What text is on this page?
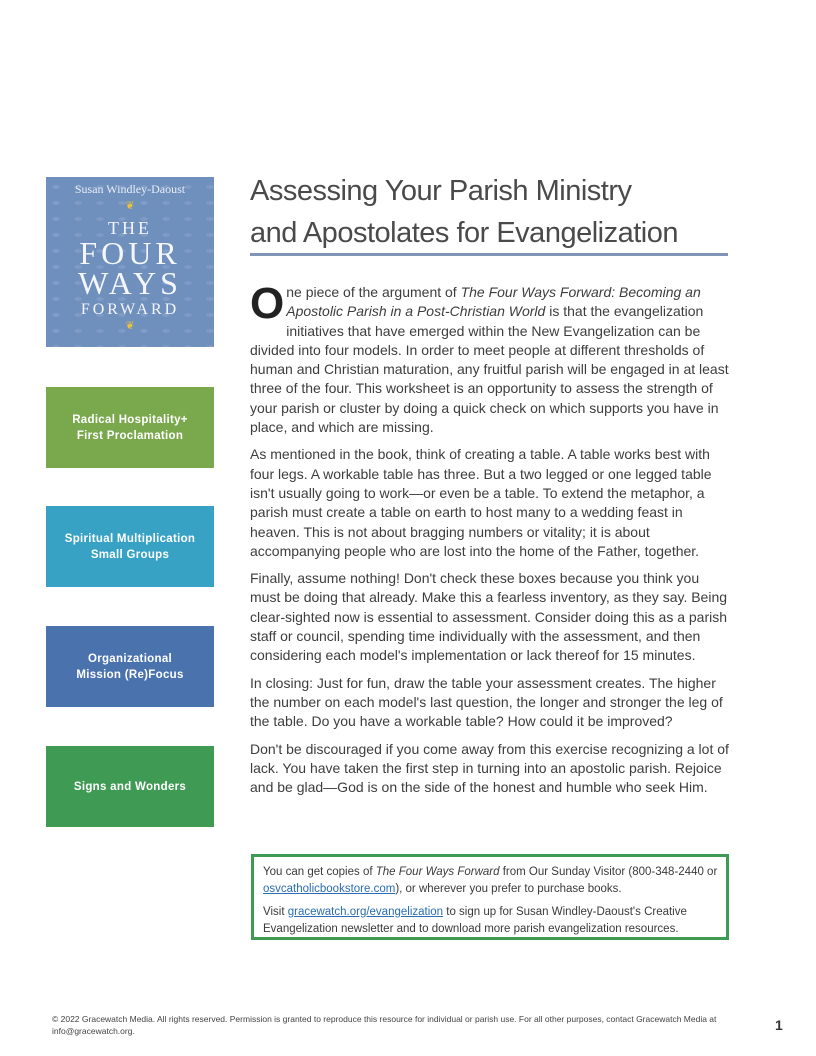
Susan Windley-Daoust
❦
THE
FOUR
WAYS
FORWARD
❦
Radical Hospitality+ First Proclamation
Spiritual Multiplication Small Groups
Organizational Mission (Re)Focus
Signs and Wonders
Assessing Your Parish Ministry
and Apostolates for Evangelization

One piece of the argument of The Four Ways Forward: Becoming an Apostolic Parish in a Post-Christian World is that the evangelization initiatives that have emerged within the New Evangelization can be divided into four models. In order to meet people at different thresholds of human and Christian maturation, any fruitful parish will be engaged in at least three of the four. This worksheet is an opportunity to assess the strength of your parish or cluster by doing a quick check on which supports you have in place, and which are missing.

As mentioned in the book, think of creating a table. A table works best with four legs. A workable table has three. But a two legged or one legged table isn't usually going to work—or even be a table. To extend the metaphor, a parish must create a table on earth to host many to a wedding feast in heaven. This is not about bragging numbers or vitality; it is about accompanying people who are lost into the home of the Father, together.

Finally, assume nothing! Don't check these boxes because you think you must be doing that already. Make this a fearless inventory, as they say. Being clear-sighted now is essential to assessment. Consider doing this as a parish staff or council, spending time individually with the assessment, and then considering each model's implementation or lack thereof for 15 minutes.

In closing: Just for fun, draw the table your assessment creates. The higher the number on each model's last question, the longer and stronger the leg of the table. Do you have a workable table? How could it be improved?

Don't be discouraged if you come away from this exercise recognizing a lot of lack. You have taken the first step in turning into an apostolic parish. Rejoice and be glad—God is on the side of the honest and humble who seek Him.

You can get copies of The Four Ways Forward from Our Sunday Visitor (800-348-2440 or osvcatholicbookstore.com), or wherever you prefer to purchase books.

Visit gracewatch.org/evangelization to sign up for Susan Windley-Daoust's Creative Evangelization newsletter and to download more parish evangelization resources.

© 2022 Gracewatch Media. All rights reserved. Permission is granted to reproduce this resource for individual or parish use. For all other purposes, contact Gracewatch Media at info@gracewatch.org.	1
